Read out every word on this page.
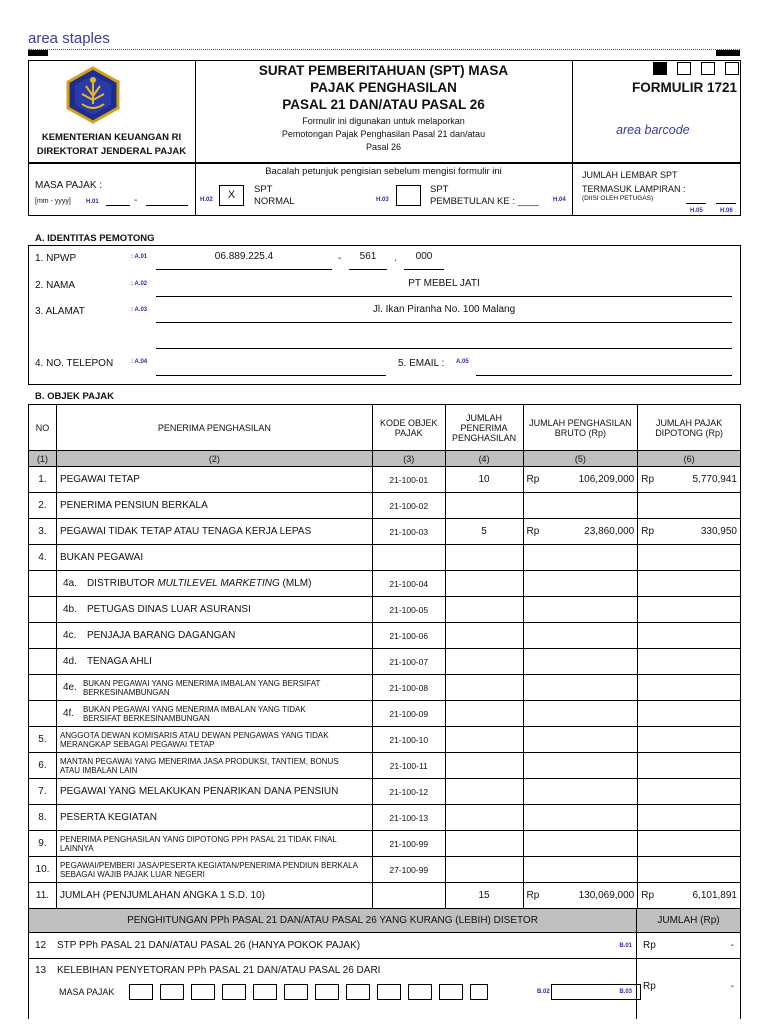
area staples
KEMENTERIAN KEUANGAN RI
DIREKTORAT JENDERAL PAJAK
SURAT PEMBERITAHUAN (SPT) MASA
PAJAK PENGHASILAN
PASAL 21 DAN/ATAU PASAL 26
Formulir ini digunakan untuk melaporkan
Pemotongan Pajak Penghasilan Pasal 21 dan/atau
Pasal 26
FORMULIR 1721
area barcode
MASA PAJAK :
[mm - yyyy]	H.01	-
Bacalah petunjuk pengisian sebelum mengisi formulir ini
H.02	X	SPT
NORMAL	H.03
SPT
PEMBETULAN KE : ____ H.04
JUMLAH LEMBAR SPT
TERMASUK LAMPIRAN :
(DIISI OLEH PETUGAS)
H.05	H.06
A. IDENTITAS PEMOTONG
1. NPWP	: A.01	06.889.225.4	-	561	.	000
2. NAMA	: A.02	PT MEBEL JATI
3. ALAMAT	: A.03	Jl. Ikan Piranha No. 100 Malang
4. NO. TELEPON	: A.04	5. EMAIL : A.05
B. OBJEK PAJAK
NO	PENERIMA PENGHASILAN	KODE OBJEK PAJAK	JUMLAH PENERIMA PENGHASILAN	JUMLAH PENGHASILAN BRUTO (Rp)	JUMLAH PAJAK DIPOTONG (Rp)
(1)	(2)	(3)	(4)	(5)	(6)
1.	PEGAWAI TETAP	21-100-01	10	Rp 106,209,000	Rp 5,770,941

2.	PENERIMA PENSIUN BERKALA	21-100-02			
3.	PEGAWAI TIDAK TETAP ATAU TENAGA KERJA LEPAS	21-100-03	5	Rp 23,860,000	Rp 330,950

4.	BUKAN PEGAWAI				
	4a. DISTRIBUTOR MULTILEVEL MARKETING (MLM)	21-100-04			
	4b. PETUGAS DINAS LUAR ASURANSI	21-100-05			
	4c. PENJAJA BARANG DAGANGAN	21-100-06			
	4d. TENAGA AHLI	21-100-07			
	4e. BUKAN PEGAWAI YANG MENERIMA IMBALAN YANG BERSIFAT BERKESINAMBUNGAN	21-100-08			
	4f. BUKAN PEGAWAI YANG MENERIMA IMBALAN YANG TIDAK BERSIFAT BERKESINAMBUNGAN	21-100-09			
5.	ANGGOTA DEWAN KOMISARIS ATAU DEWAN PENGAWAS YANG TIDAK MERANGKAP SEBAGAI PEGAWAI TETAP	21-100-10			
6.	MANTAN PEGAWAI YANG MENERIMA JASA PRODUKSI, TANTIEM, BONUS ATAU IMBALAN LAIN	21-100-11			
7.	PEGAWAI YANG MELAKUKAN PENARIKAN DANA PENSIUN	21-100-12			
8.	PESERTA KEGIATAN	21-100-13			
9.	PENERIMA PENGHASILAN YANG DIPOTONG PPH PASAL 21 TIDAK FINAL LAINNYA	21-100-99			
10.	PEGAWAI/PEMBERI JASA/PESERTA KEGIATAN/PENERIMA PENDIUN BERKALA SEBAGAI WAJIB PAJAK LUAR NEGERI	27-100-99			
11.	JUMLAH (PENJUMLAHAN ANGKA 1 S.D. 10)		15	Rp 130,069,000	Rp 6,101,891
PENGHITUNGAN PPh PASAL 21 DAN/ATAU PASAL 26 YANG KURANG (LEBIH) DISETOR	JUMLAH (Rp)
12	STP PPh PASAL 21 DAN/ATAU PASAL 26 (HANYA POKOK PAJAK)	B.01 Rp	-
13	KELEBIHAN PENYETORAN PPh PASAL 21 DAN/ATAU PASAL 26 DARI
MASA PAJAK	B.02	B.03 Rp	-
